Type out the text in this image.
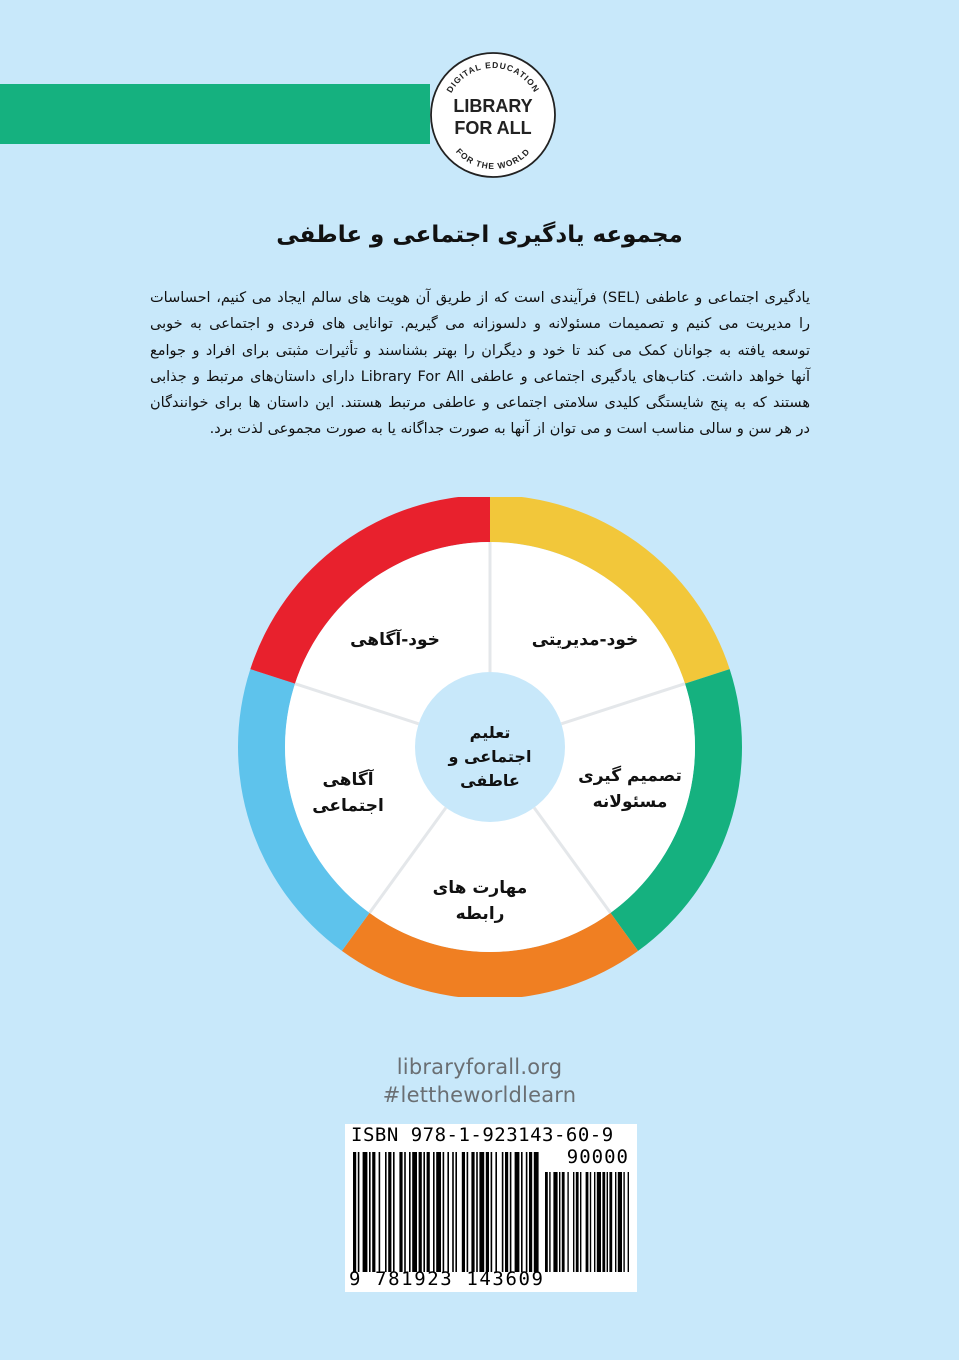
DIGITAL EDUCATION
FOR THE WORLD
LIBRARY
FOR ALL
مجموعه یادگیری اجتماعی و عاطفی
یادگیری اجتماعی و عاطفی (SEL) فرآیندی است که از طریق آن هویت های سالم ایجاد می کنیم، احساسات
را مدیریت می کنیم و تصمیمات مسئولانه و دلسوزانه می گیریم. توانایی های فردی و اجتماعی به خوبی
توسعه یافته به جوانان کمک می کند تا خود و دیگران را بهتر بشناسند و تأثیرات مثبتی برای افراد و جوامع
آنها خواهد داشت. کتاب‌های یادگیری اجتماعی و عاطفی Library For All دارای داستان‌های مرتبط و جذابی
هستند که به پنج شایستگی کلیدی سلامتی اجتماعی و عاطفی مرتبط هستند. این داستان ها برای خوانندگان
در هر سن و سالی مناسب است و می توان از آنها به صورت جداگانه یا به صورت مجموعی لذت برد.
خود-مدیریتی
تصمیم گیری
مسئولانه
مهارت های
رابطه
آگاهی
اجتماعی
خود-آگاهی
تعلیم
اجتماعی و
عاطفی
libraryforall.org
#lettheworldlearn
ISBN 978-1-923143-60-9
90000
9 781923 143609
